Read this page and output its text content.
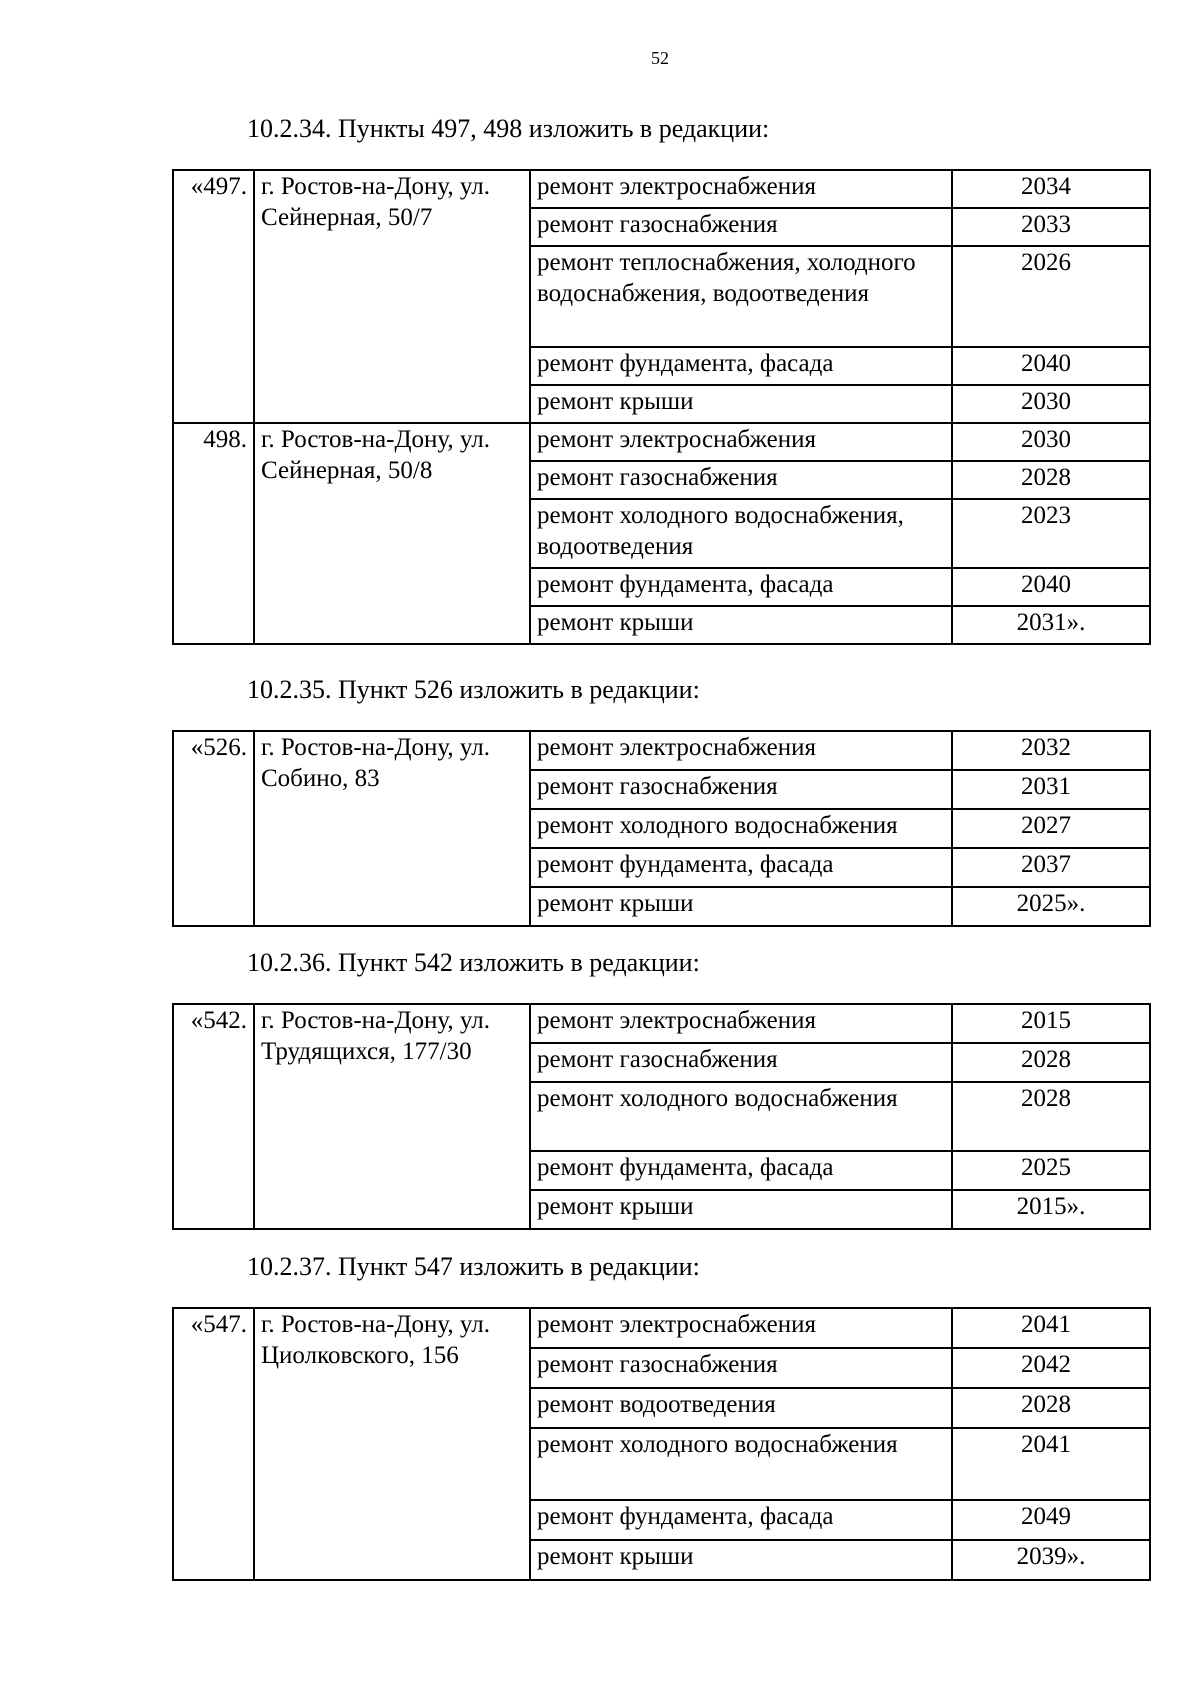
52
10.2.34. Пункты 497, 498 изложить в редакции:
«497.	г. Ростов-на-Дону, ул. Сейнерная, 50/7	ремонт электроснабжения	2034
		ремонт газоснабжения	2033
		ремонт теплоснабжения, холодного водоснабжения, водоотведения	2026
		ремонт фундамента, фасада	2040
		ремонт крыши	2030
498.	г. Ростов-на-Дону, ул. Сейнерная, 50/8	ремонт электроснабжения	2030
		ремонт газоснабжения	2028
		ремонт холодного водоснабжения, водоотведения	2023
		ремонт фундамента, фасада	2040
		ремонт крыши	2031».
10.2.35. Пункт 526 изложить в редакции:
«526.	г. Ростов-на-Дону, ул. Собино, 83	ремонт электроснабжения	2032
		ремонт газоснабжения	2031
		ремонт холодного водоснабжения	2027
		ремонт фундамента, фасада	2037
		ремонт крыши	2025».
10.2.36. Пункт 542 изложить в редакции:
«542.	г. Ростов-на-Дону, ул. Трудящихся, 177/30	ремонт электроснабжения	2015
		ремонт газоснабжения	2028
		ремонт холодного водоснабжения	2028
		ремонт фундамента, фасада	2025
		ремонт крыши	2015».
10.2.37. Пункт 547 изложить в редакции:
«547.	г. Ростов-на-Дону, ул. Циолковского, 156	ремонт электроснабжения	2041
		ремонт газоснабжения	2042
		ремонт водоотведения	2028
		ремонт холодного водоснабжения	2041
		ремонт фундамента, фасада	2049
		ремонт крыши	2039».
